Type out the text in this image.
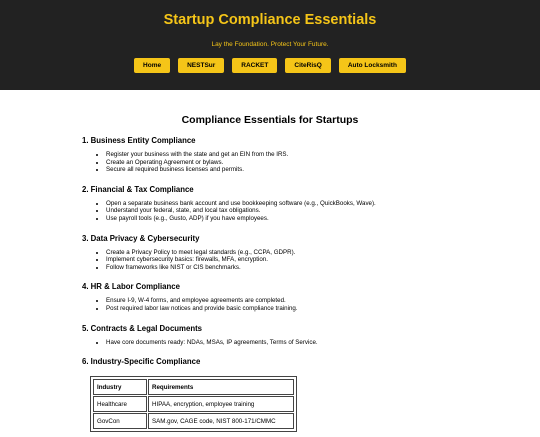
Startup Compliance Essentials
Lay the Foundation. Protect Your Future.
Home	NESTSur	RACKET	CiteRisQ	Auto Locksmith
Compliance Essentials for Startups
1. Business Entity Compliance
• Register your business with the state and get an EIN from the IRS.
• Create an Operating Agreement or bylaws.
• Secure all required business licenses and permits.
2. Financial & Tax Compliance
• Open a separate business bank account and use bookkeeping software (e.g., QuickBooks, Wave).
• Understand your federal, state, and local tax obligations.
• Use payroll tools (e.g., Gusto, ADP) if you have employees.
3. Data Privacy & Cybersecurity
• Create a Privacy Policy to meet legal standards (e.g., CCPA, GDPR).
• Implement cybersecurity basics: firewalls, MFA, encryption.
• Follow frameworks like NIST or CIS benchmarks.
4. HR & Labor Compliance
• Ensure I-9, W-4 forms, and employee agreements are completed.
• Post required labor law notices and provide basic compliance training.
5. Contracts & Legal Documents
• Have core documents ready: NDAs, MSAs, IP agreements, Terms of Service.
6. Industry-Specific Compliance
Industry	Requirements
Healthcare	HIPAA, encryption, employee training
GovCon	SAM.gov, CAGE code, NIST 800-171/CMMC
